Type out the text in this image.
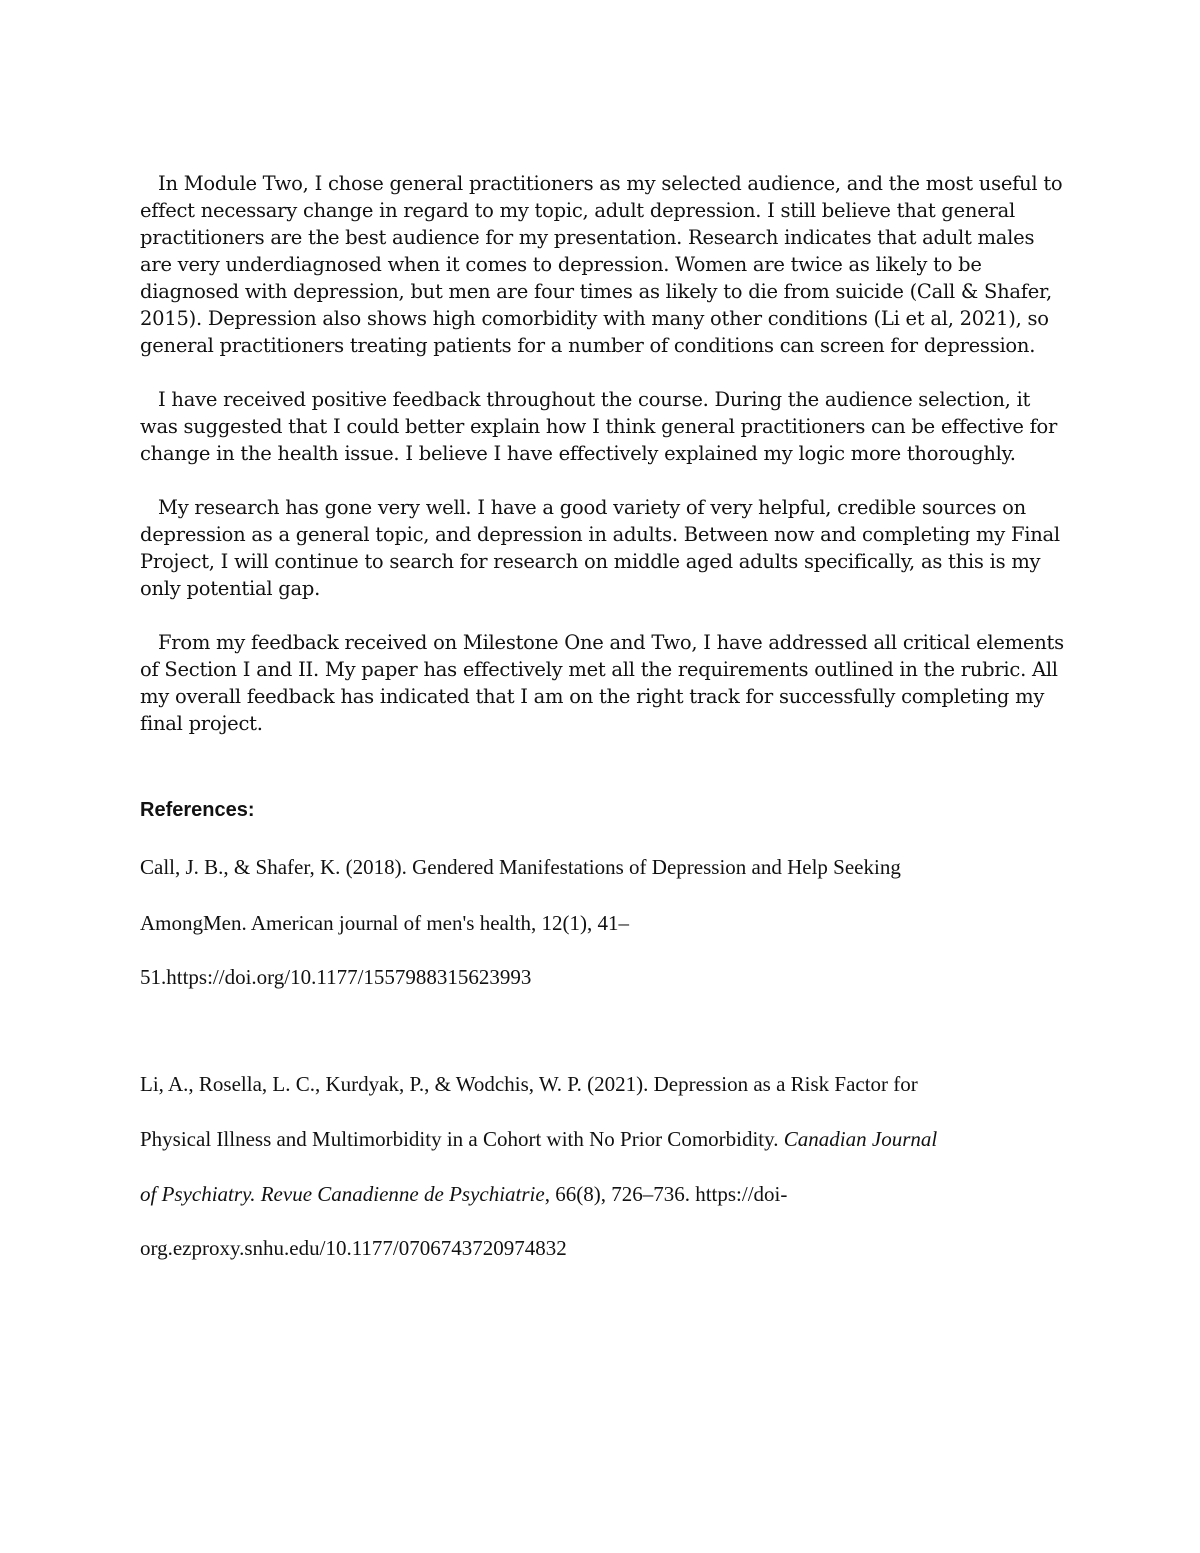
In Module Two, I chose general practitioners as my selected audience, and the most useful to effect necessary change in regard to my topic, adult depression. I still believe that general practitioners are the best audience for my presentation. Research indicates that adult males are very underdiagnosed when it comes to depression. Women are twice as likely to be diagnosed with depression, but men are four times as likely to die from suicide (Call & Shafer, 2015). Depression also shows high comorbidity with many other conditions (Li et al, 2021), so general practitioners treating patients for a number of conditions can screen for depression.

I have received positive feedback throughout the course. During the audience selection, it was suggested that I could better explain how I think general practitioners can be effective for change in the health issue. I believe I have effectively explained my logic more thoroughly.

My research has gone very well. I have a good variety of very helpful, credible sources on depression as a general topic, and depression in adults. Between now and completing my Final Project, I will continue to search for research on middle aged adults specifically, as this is my only potential gap.

From my feedback received on Milestone One and Two, I have addressed all critical elements of Section I and II. My paper has effectively met all the requirements outlined in the rubric. All my overall feedback has indicated that I am on the right track for successfully completing my final project.

References:
Call, J. B., & Shafer, K. (2018). Gendered Manifestations of Depression and Help Seeking
AmongMen. American journal of men's health, 12(1), 41–
51.https://doi.org/10.1177/1557988315623993
Li, A., Rosella, L. C., Kurdyak, P., & Wodchis, W. P. (2021). Depression as a Risk Factor for
Physical Illness and Multimorbidity in a Cohort with No Prior Comorbidity. Canadian Journal
of Psychiatry. Revue Canadienne de Psychiatrie, 66(8), 726–736. https://doi-
org.ezproxy.snhu.edu/10.1177/0706743720974832
